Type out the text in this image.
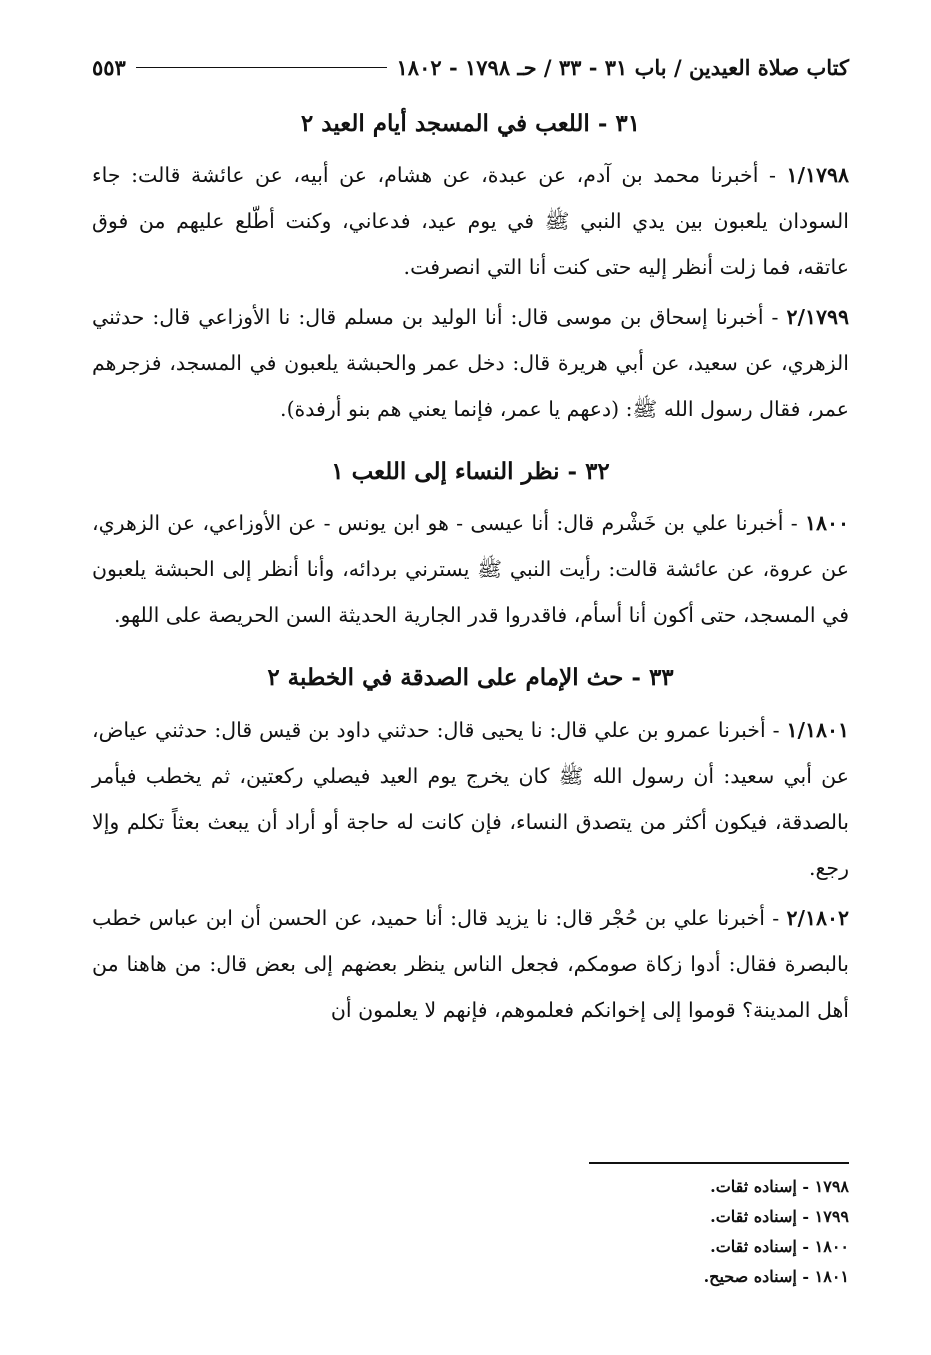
كتاب صلاة العيدين / باب ٣١ - ٣٣ / حـ ١٧٩٨ - ١٨٠٢
٥٥٣
٣١ - اللعب في المسجد أيام العيد ٢

١/١٧٩٨ - أخبرنا محمد بن آدم، عن عبدة، عن هشام، عن أبيه، عن عائشة قالت: جاء السودان يلعبون بين يدي النبي ﷺ في يوم عيد، فدعاني، وكنت أطّلع عليهم من فوق عاتقه، فما زلت أنظر إليه حتى كنت أنا التي انصرفت.

٢/١٧٩٩ - أخبرنا إسحاق بن موسى قال: أنا الوليد بن مسلم قال: نا الأوزاعي قال: حدثني الزهري، عن سعيد، عن أبي هريرة قال: دخل عمر والحبشة يلعبون في المسجد، فزجرهم عمر، فقال رسول الله ﷺ: (دعهم يا عمر، فإنما يعني هم بنو أرفدة).

٣٢ - نظر النساء إلى اللعب ١

١٨٠٠ - أخبرنا علي بن خَشْرم قال: أنا عيسى - هو ابن يونس - عن الأوزاعي، عن الزهري، عن عروة، عن عائشة قالت: رأيت النبي ﷺ يسترني بردائه، وأنا أنظر إلى الحبشة يلعبون في المسجد، حتى أكون أنا أسأم، فاقدروا قدر الجارية الحديثة السن الحريصة على اللهو.

٣٣ - حث الإمام على الصدقة في الخطبة ٢

١/١٨٠١ - أخبرنا عمرو بن علي قال: نا يحيى قال: حدثني داود بن قيس قال: حدثني عياض، عن أبي سعيد: أن رسول الله ﷺ كان يخرج يوم العيد فيصلي ركعتين، ثم يخطب فيأمر بالصدقة، فيكون أكثر من يتصدق النساء، فإن كانت له حاجة أو أراد أن يبعث بعثاً تكلم وإلا رجع.

٢/١٨٠٢ - أخبرنا علي بن حُجْر قال: نا يزيد قال: أنا حميد، عن الحسن أن ابن عباس خطب بالبصرة فقال: أدوا زكاة صومكم، فجعل الناس ينظر بعضهم إلى بعض قال: من هاهنا من أهل المدينة؟ قوموا إلى إخوانكم فعلموهم، فإنهم لا يعلمون أن

١٧٩٨ - إسناده ثقات.
١٧٩٩ - إسناده ثقات.
١٨٠٠ - إسناده ثقات.
١٨٠١ - إسناده صحيح.
